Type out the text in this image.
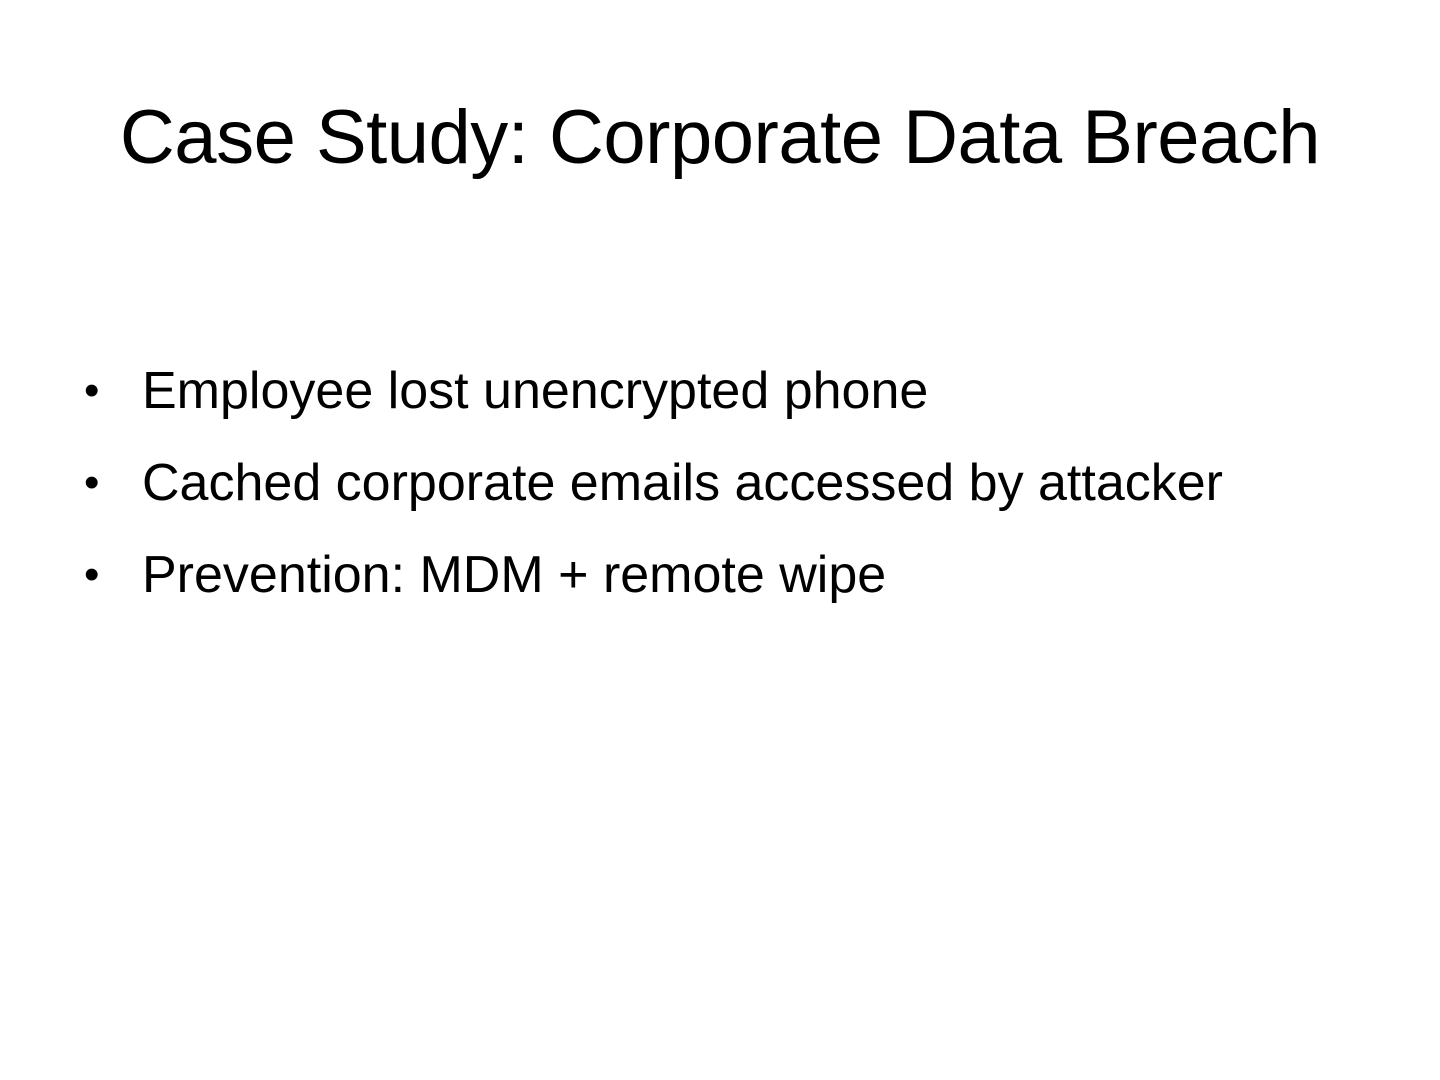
Case Study: Corporate Data Breach
• Employee lost unencrypted phone
• Cached corporate emails accessed by attacker
• Prevention: MDM + remote wipe
